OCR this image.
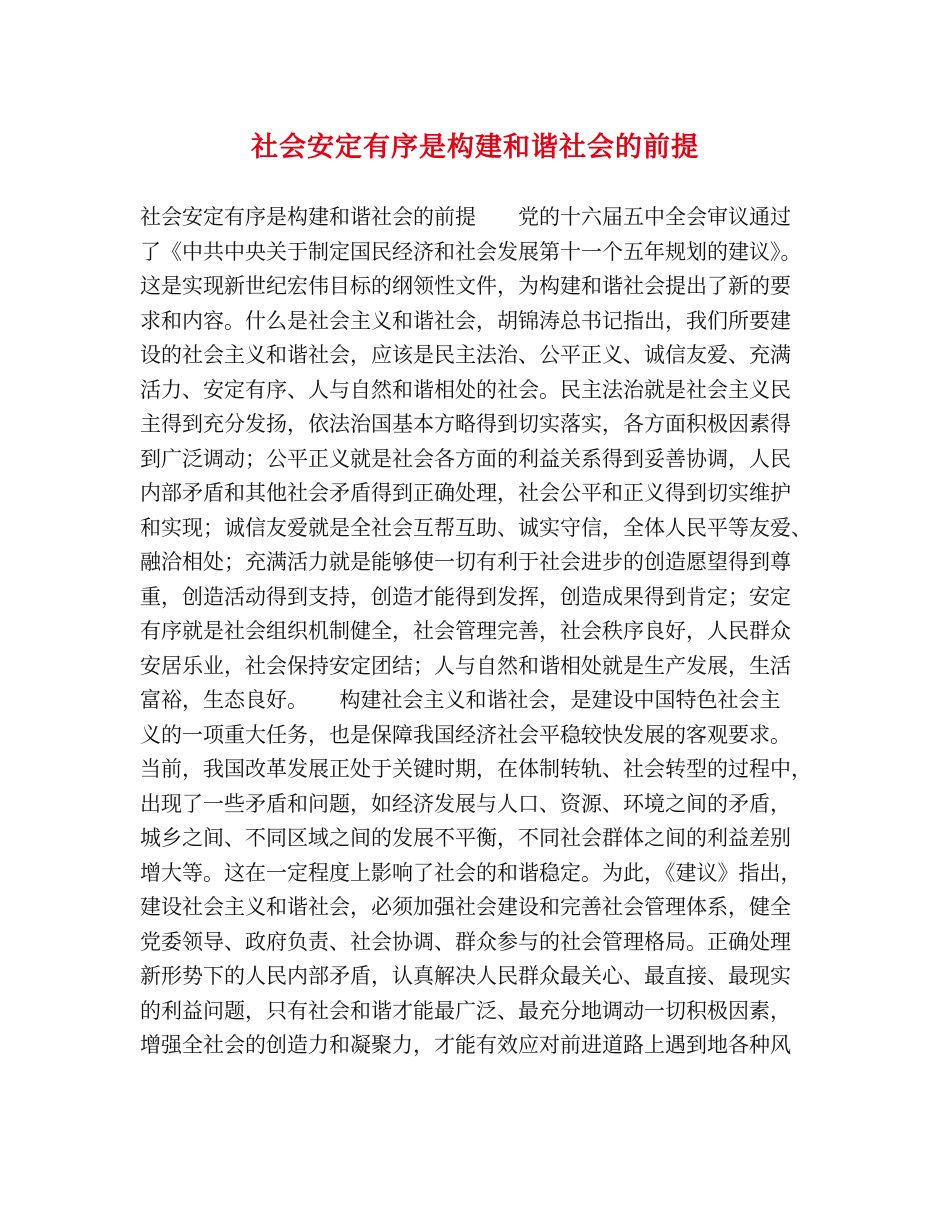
社会安定有序是构建和谐社会的前提
社会安定有序是构建和谐社会的前提　　党的十六届五中全会审议通过
了《中共中央关于制定国民经济和社会发展第十一个五年规划的建议》。
这是实现新世纪宏伟目标的纲领性文件，为构建和谐社会提出了新的要
求和内容。什么是社会主义和谐社会，胡锦涛总书记指出，我们所要建
设的社会主义和谐社会，应该是民主法治、公平正义、诚信友爱、充满
活力、安定有序、人与自然和谐相处的社会。民主法治就是社会主义民
主得到充分发扬，依法治国基本方略得到切实落实，各方面积极因素得
到广泛调动；公平正义就是社会各方面的利益关系得到妥善协调，人民
内部矛盾和其他社会矛盾得到正确处理，社会公平和正义得到切实维护
和实现；诚信友爱就是全社会互帮互助、诚实守信，全体人民平等友爱、
融洽相处；充满活力就是能够使一切有利于社会进步的创造愿望得到尊
重，创造活动得到支持，创造才能得到发挥，创造成果得到肯定；安定
有序就是社会组织机制健全，社会管理完善，社会秩序良好，人民群众
安居乐业，社会保持安定团结；人与自然和谐相处就是生产发展，生活
富裕，生态良好。　　构建社会主义和谐社会，是建设中国特色社会主
义的一项重大任务，也是保障我国经济社会平稳较快发展的客观要求。
当前，我国改革发展正处于关键时期，在体制转轨、社会转型的过程中，
出现了一些矛盾和问题，如经济发展与人口、资源、环境之间的矛盾，
城乡之间、不同区域之间的发展不平衡，不同社会群体之间的利益差别
增大等。这在一定程度上影响了社会的和谐稳定。为此，《建议》指出，
建设社会主义和谐社会，必须加强社会建设和完善社会管理体系，健全
党委领导、政府负责、社会协调、群众参与的社会管理格局。正确处理
新形势下的人民内部矛盾，认真解决人民群众最关心、最直接、最现实
的利益问题，只有社会和谐才能最广泛、最充分地调动一切积极因素，
增强全社会的创造力和凝聚力，才能有效应对前进道路上遇到地各种风
